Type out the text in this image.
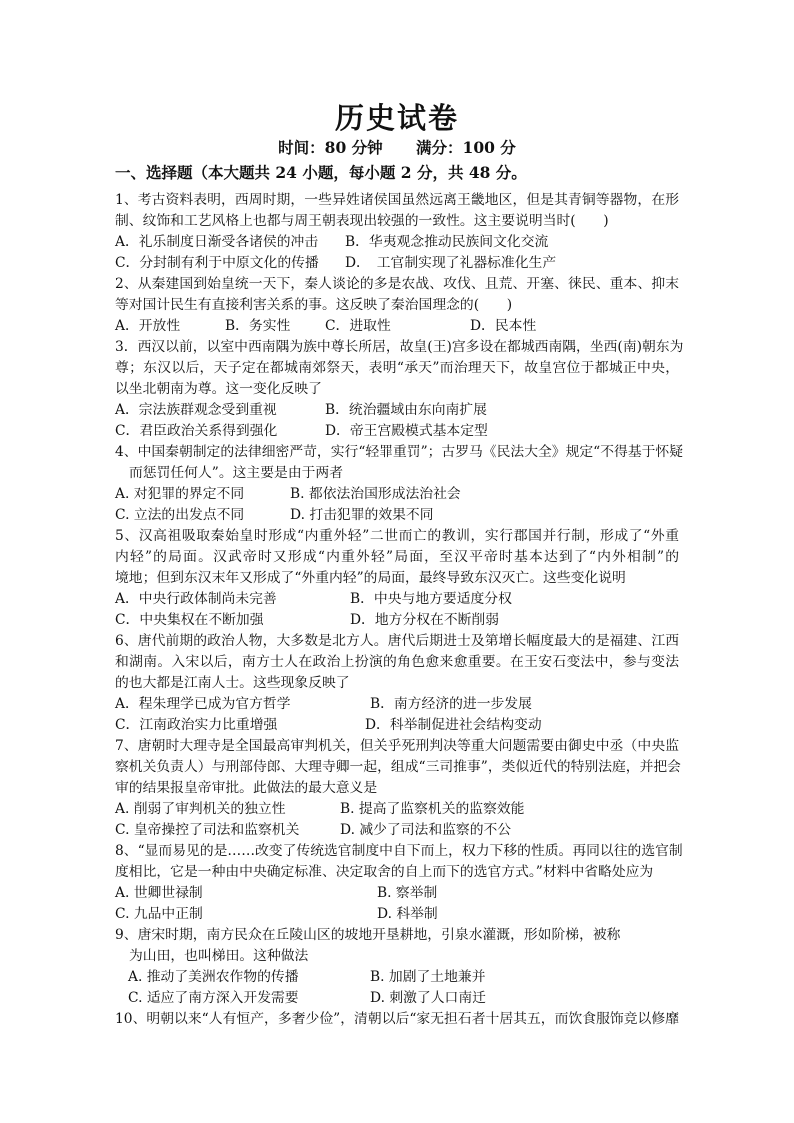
历史试卷
时间：80 分钟 满分：100 分
一、选择题（本大题共 24 小题，每小题 2 分，共 48 分。
1、考古资料表明，西周时期，一些异姓诸侯国虽然远离王畿地区，但是其青铜等器物，在形
制、纹饰和工艺风格上也都与周王朝表现出较强的一致性。这主要说明当时(　　)
A．礼乐制度日渐受各诸侯的冲击 B．华夷观念推动民族间文化交流
C．分封制有利于中原文化的传播 D．　工官制实现了礼器标准化生产
2、从秦建国到始皇统一天下，秦人谈论的多是农战、攻伐、且荒、开塞、徕民、重本、抑末
等对国计民生有直接利害关系的事。这反映了秦治国理念的(　　)
A．开放性	B．务实性	C．进取性	D．民本性
3．西汉以前，以室中西南隅为族中尊长所居，故皇(王)宫多设在都城西南隅，坐西(南)朝东为
尊；东汉以后，天子定在都城南郊祭天，表明“承天”而治理天下，故皇宫位于都城正中央，
以坐北朝南为尊。这一变化反映了
A．宗法族群观念受到重视	B．统治疆域由东向南扩展
C．君臣政治关系得到强化	D．帝王宫殿模式基本定型
4、中国秦朝制定的法律细密严苛，实行“轻罪重罚”；古罗马《民法大全》规定“不得基于怀疑
而惩罚任何人”。这主要是由于两者
A. 对犯罪的界定不同	B. 都依法治国形成法治社会
C. 立法的出发点不同	D. 打击犯罪的效果不同
5、汉高祖吸取秦始皇时形成“内重外轻”二世而亡的教训，实行郡国并行制，形成了“外重
内轻”的局面。汉武帝时又形成“内重外轻”局面，至汉平帝时基本达到了“内外相制”的
境地；但到东汉末年又形成了“外重内轻”的局面，最终导致东汉灭亡。这些变化说明
A．中央行政体制尚未完善	B．中央与地方要适度分权
C．中央集权在不断加强	D．地方分权在不断削弱
6、唐代前期的政治人物，大多数是北方人。唐代后期进士及第增长幅度最大的是福建、江西
和湖南。入宋以后，南方士人在政治上扮演的角色愈来愈重要。在王安石变法中，参与变法
的也大都是江南人士。这些现象反映了
A．程朱理学已成为官方哲学	B．南方经济的进一步发展
C．江南政治实力比重增强	D．科举制促进社会结构变动
7、唐朝时大理寺是全国最高审判机关，但关乎死刑判决等重大问题需要由御史中丞（中央监
察机关负责人）与刑部侍郎、大理寺卿一起，组成“三司推事”，类似近代的特别法庭，并把会
审的结果报皇帝审批。此做法的最大意义是
A. 削弱了审判机关的独立性	B. 提高了监察机关的监察效能
C. 皇帝操控了司法和监察机关	D. 减少了司法和监察的不公
8、“显而易见的是……改变了传统选官制度中自下而上，权力下移的性质。再同以往的选官制
度相比，它是一种由中央确定标准、决定取舍的自上而下的选官方式。”材料中省略处应为
A. 世卿世禄制	B. 察举制
C. 九品中正制	D. 科举制
9、唐宋时期，南方民众在丘陵山区的坡地开垦耕地，引泉水灌溉，形如阶梯，被称
为山田，也叫梯田。这种做法
A. 推动了美洲农作物的传播	B. 加剧了土地兼并
C. 适应了南方深入开发需要	D. 刺激了人口南迁
10、明朝以来“人有恒产，多奢少俭”，清朝以后“家无担石者十居其五，而饮食服饰竞以修靡
